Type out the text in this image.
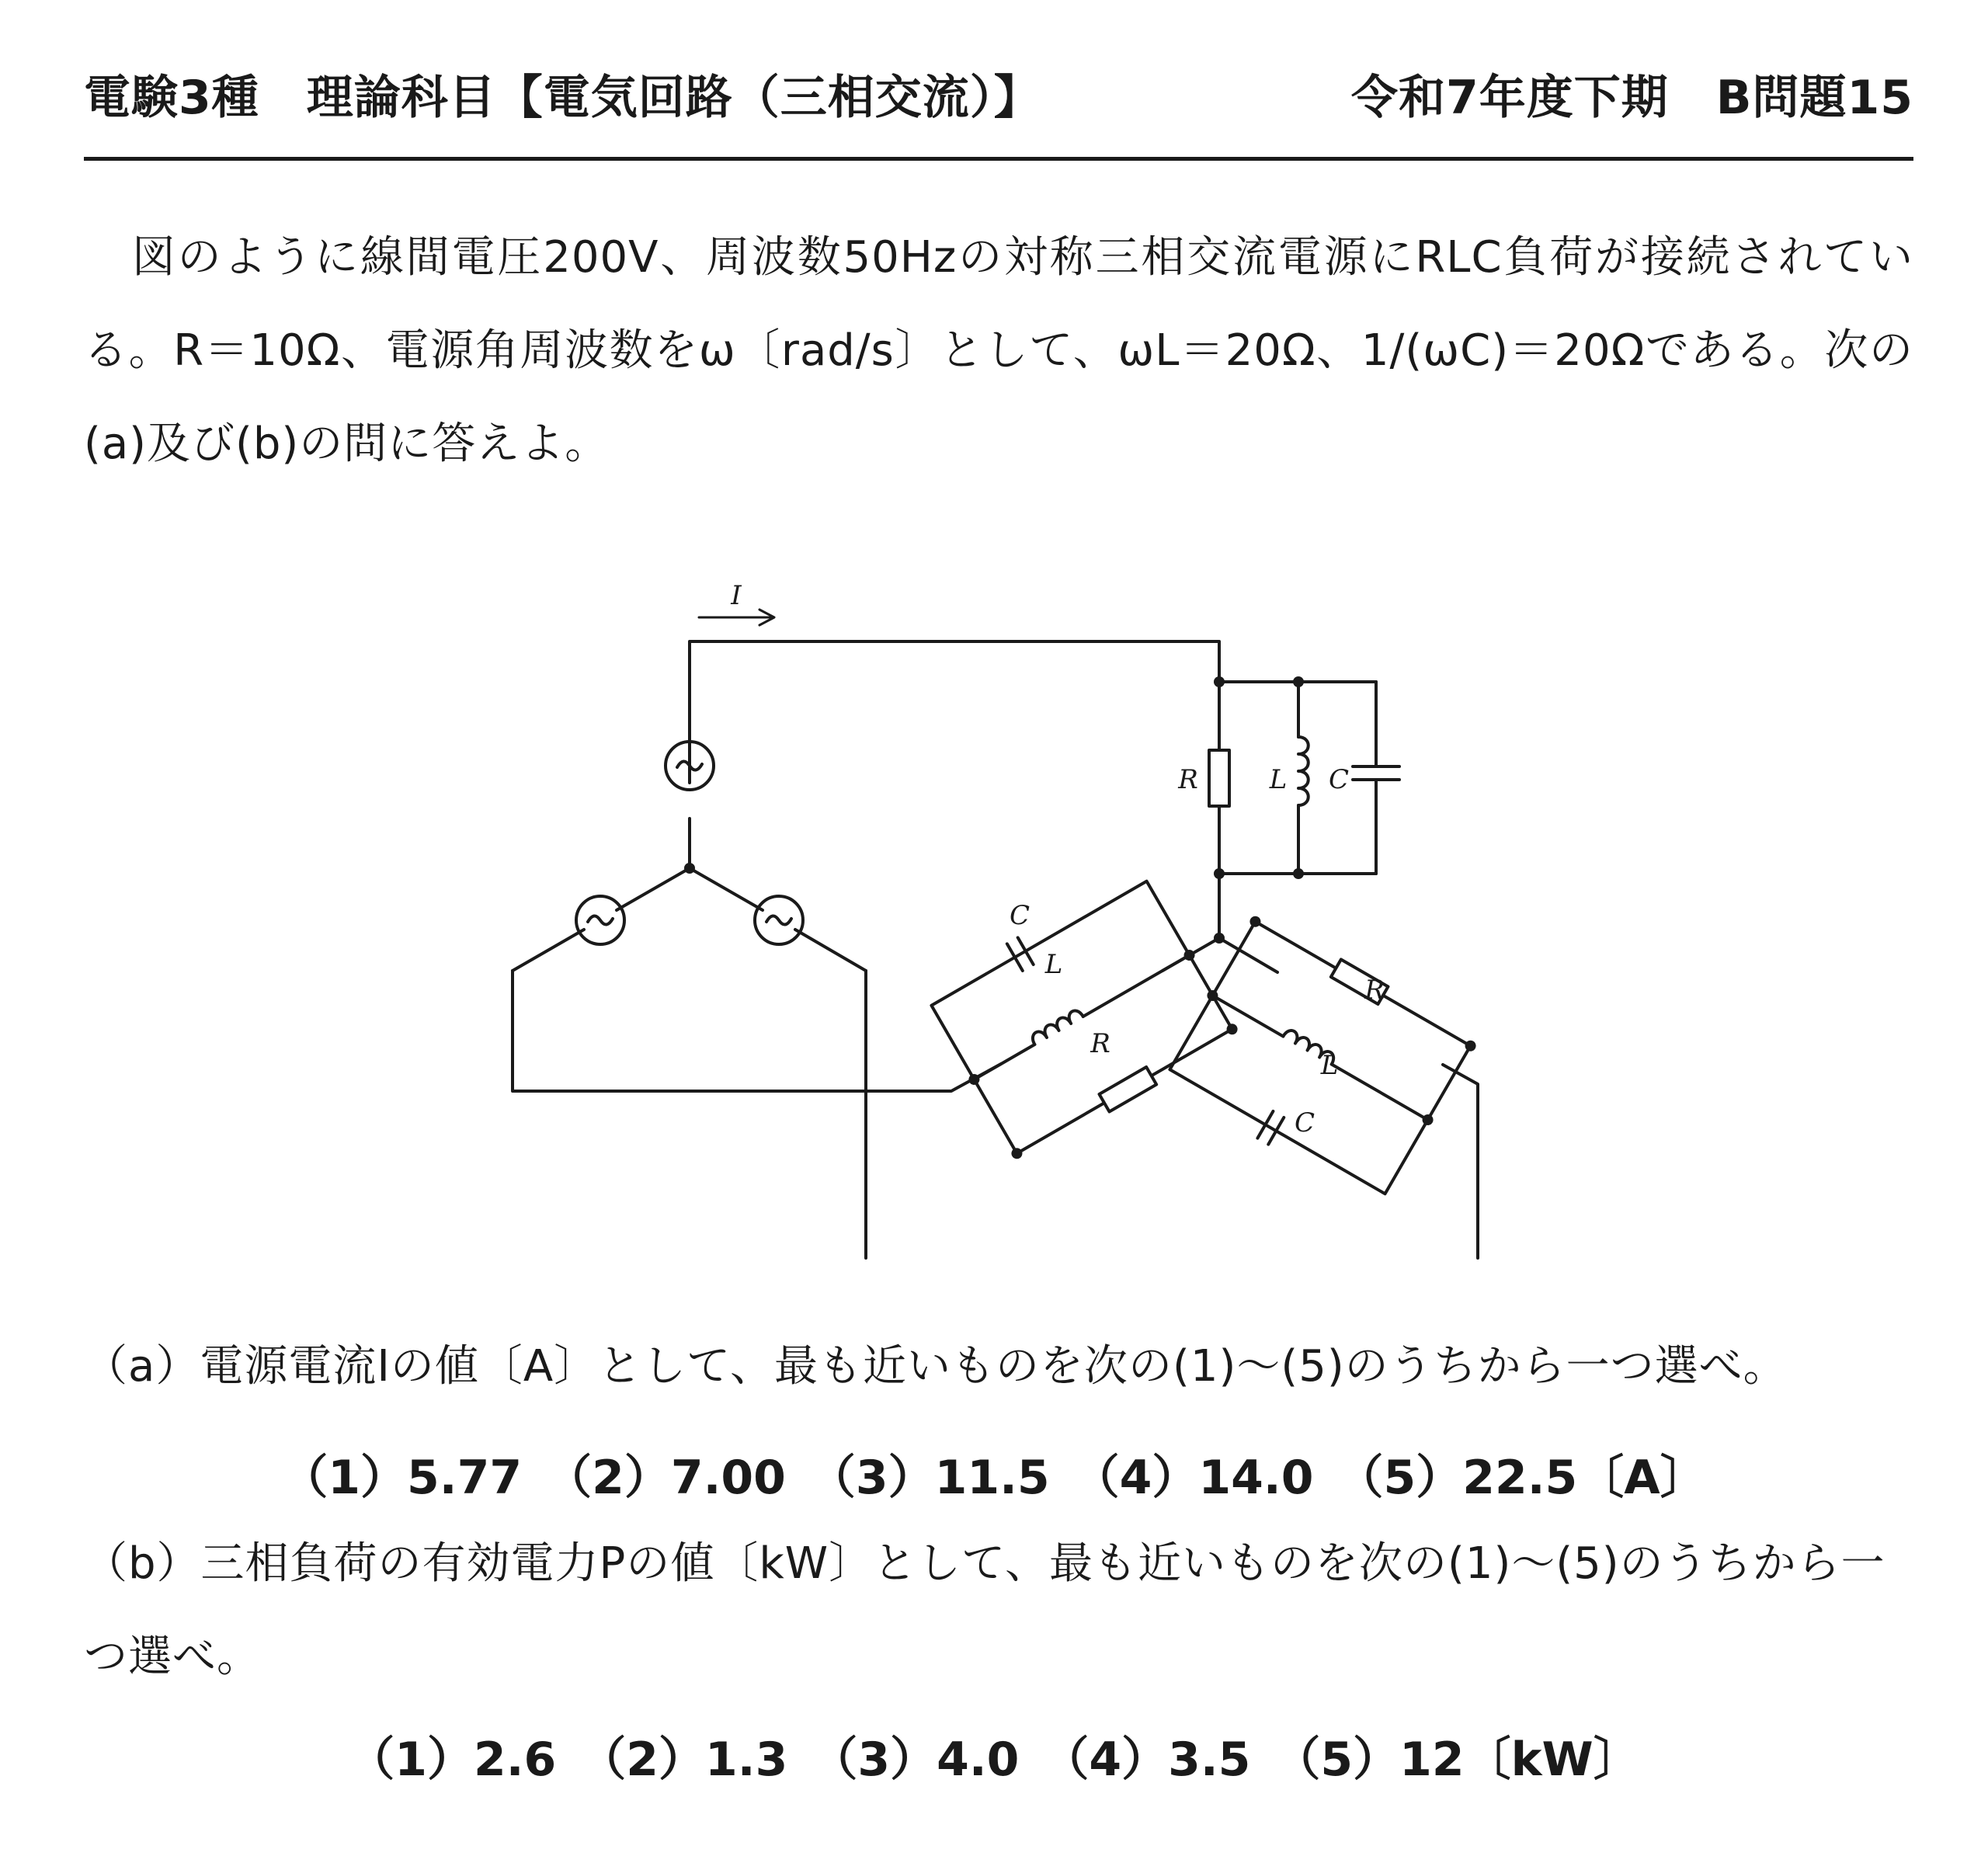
電験3種　理論科目【電気回路（三相交流）】	令和7年度下期　B問題15
図のように線間電圧200V、周波数50Hzの対称三相交流電源にRLC負荷が接続されている。R＝10Ω、電源角周波数をω〔rad/s〕として、ωL＝20Ω、1/(ωC)＝20Ωである。次の(a)及び(b)の問に答えよ。
I
R	L C
C
L
R
R
L
C
（a）電源電流Iの値〔A〕として、最も近いものを次の(1)～(5)のうちから一つ選べ。
（1）5.77　（2）7.00　（3）11.5　（4）14.0　（5）22.5〔A〕
（b）三相負荷の有効電力Pの値〔kW〕として、最も近いものを次の(1)～(5)のうちから一つ選べ。
（1）2.6　（2）1.3　（3）4.0　（4）3.5　（5）12〔kW〕
